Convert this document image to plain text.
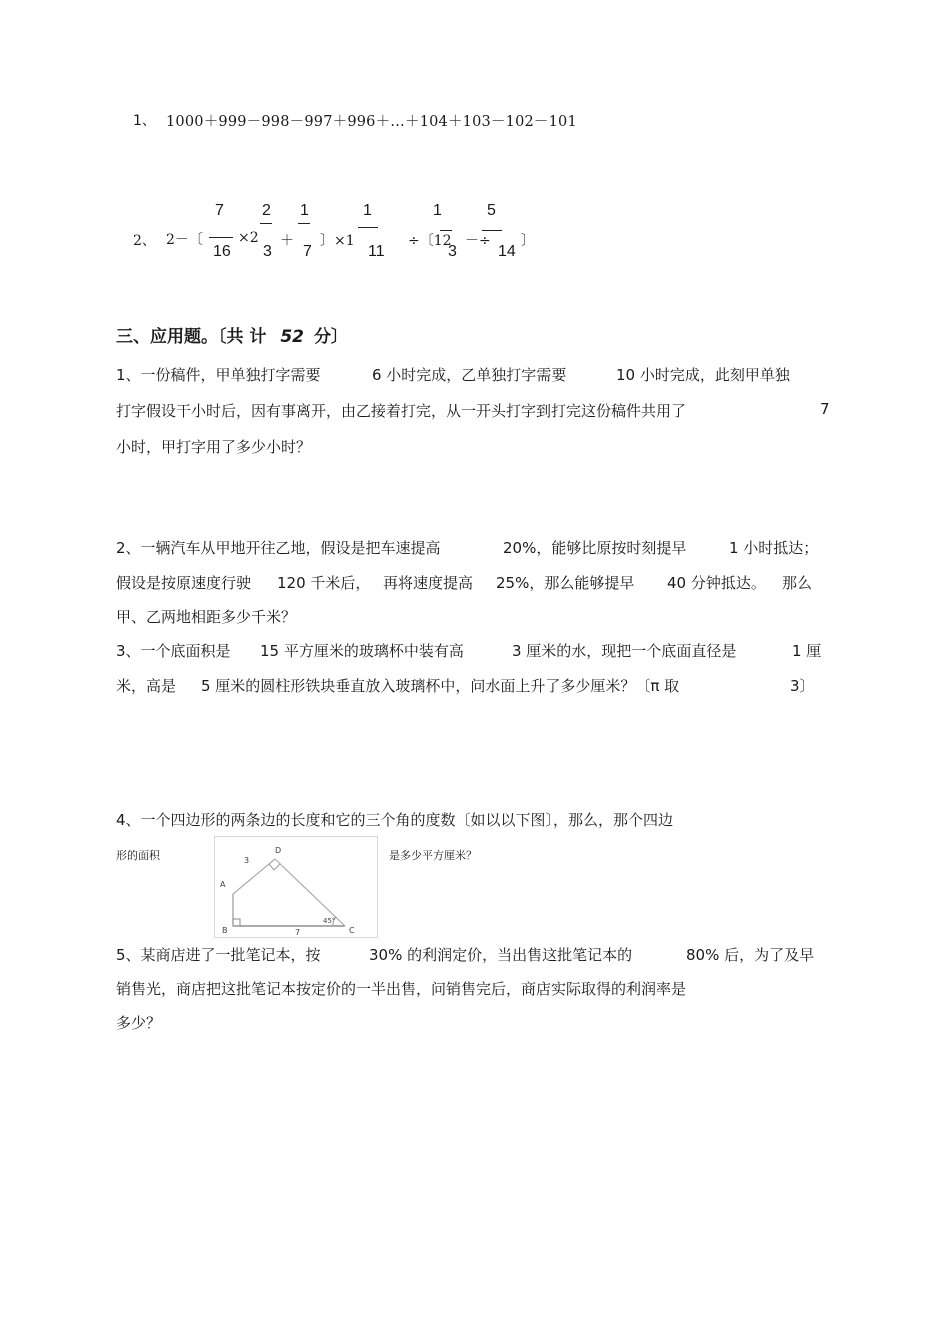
1、 1000＋999－998－997＋996＋…＋104＋103－102－101
2、 2－〔
7
16
×2
2
3
＋
1
7
〕×1
1
11
÷〔12
1
3
－÷
5
14
〕
三、应用题。〔共 计 52 分〕
1、一份稿件，甲单独打字需要	6 小时完成，乙单独打字需要	10 小时完成，此刻甲单独
打字假设干小时后，因有事离开，由乙接着打完，从一开头打字到打完这份稿件共用了	7
小时，甲打字用了多少小时？
2、一辆汽车从甲地开往乙地，假设是把车速提高	20%，能够比原按时刻提早	1 小时抵达；
假设是按原速度行驶 120 千米后， 再将速度提高 25%，那么能够提早 40 分钟抵达。 那么
甲、乙两地相距多少千米？
3、一个底面积是 15 平方厘米的玻璃杯中装有高	3 厘米的水，现把一个底面直径是	1 厘
米，高是 5 厘米的圆柱形铁块垂直放入玻璃杯中，问水面上升了多少厘米？〔π 取	3〕
4、一个四边形的两条边的长度和它的三个角的度数〔如以以下图〕，那么，那个四边
形的面积	是多少平方厘米？
A
B	C
D
3
7
45°
5、某商店进了一批笔记本，按	30% 的利润定价，当出售这批笔记本的	80% 后，为了及早
销售光，商店把这批笔记本按定价的一半出售，问销售完后，商店实际取得的利润率是
多少？
